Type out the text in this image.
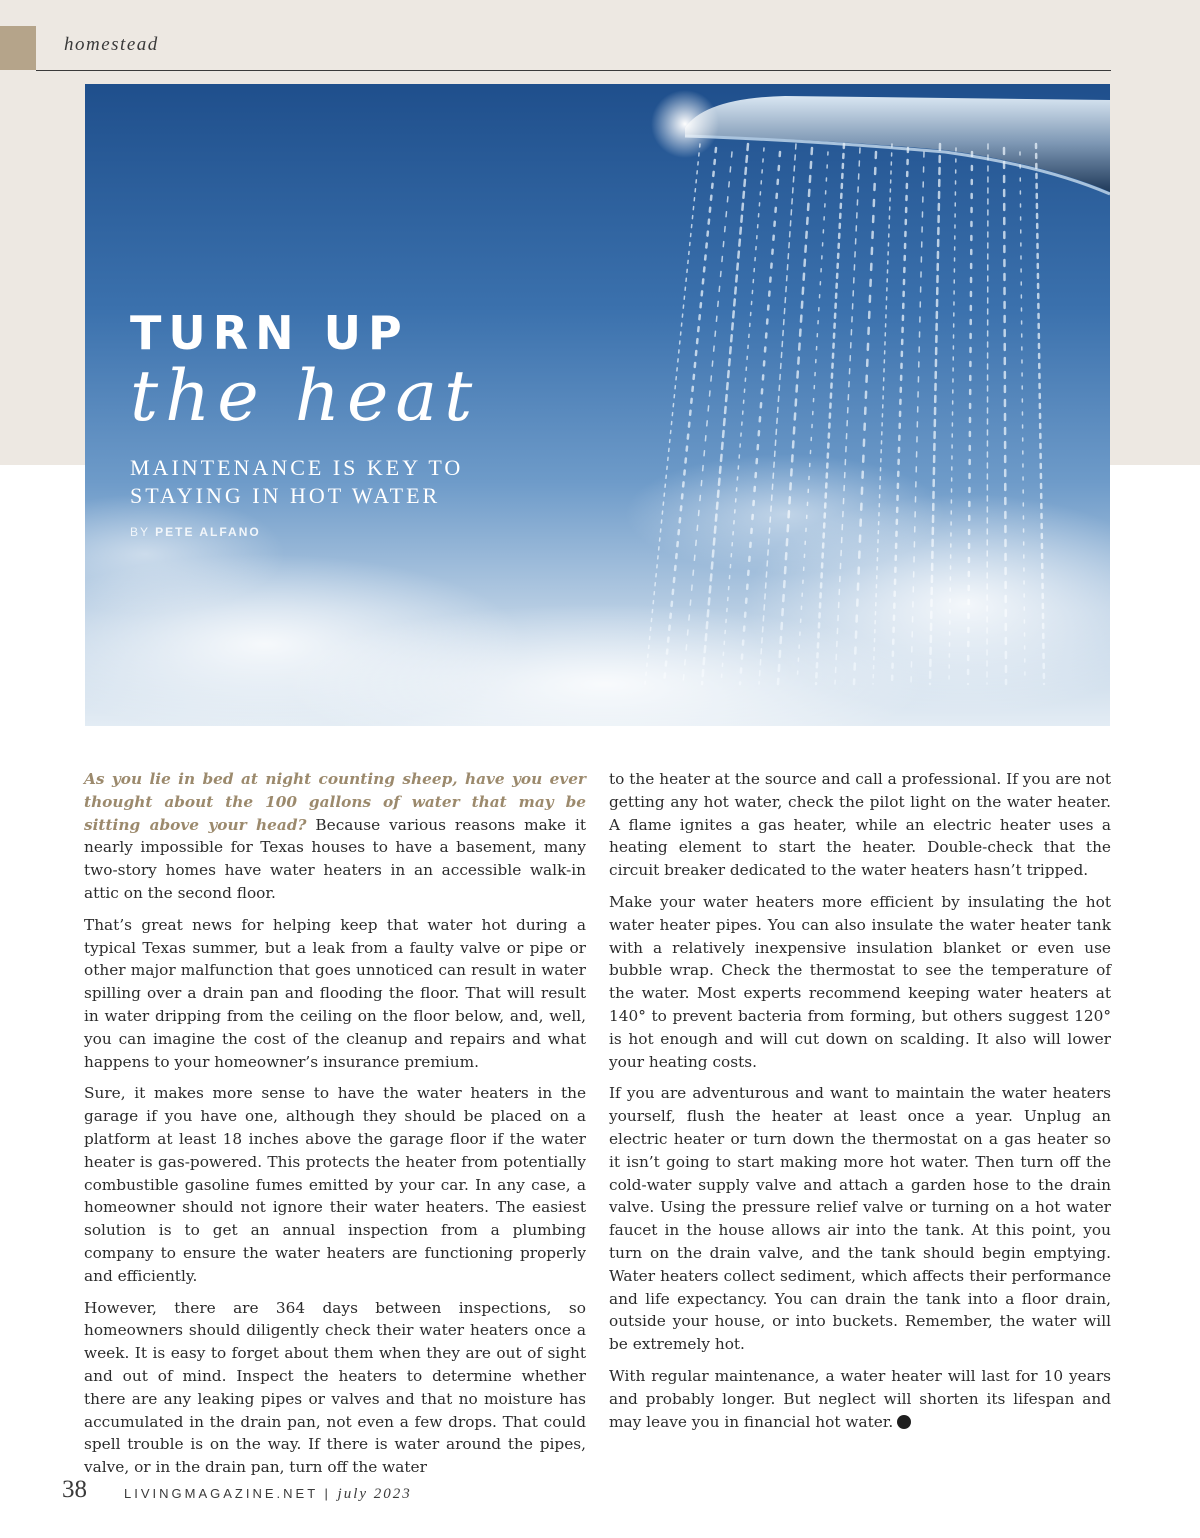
homestead
TURN UP
the heat
MAINTENANCE IS KEY TO STAYING IN HOT WATER
BY PETE ALFANO

As you lie in bed at night counting sheep, have you ever thought about the 100 gallons of water that may be sitting above your head? Because various reasons make it nearly impossible for Texas houses to have a basement, many two-story homes have water heaters in an accessible walk-in attic on the second floor.

That’s great news for helping keep that water hot during a typical Texas summer, but a leak from a faulty valve or pipe or other major malfunction that goes unnoticed can result in water spilling over a drain pan and flooding the floor. That will result in water dripping from the ceiling on the floor below, and, well, you can imagine the cost of the cleanup and repairs and what happens to your homeowner’s insurance premium.

Sure, it makes more sense to have the water heaters in the garage if you have one, although they should be placed on a platform at least 18 inches above the garage floor if the water heater is gas-powered. This protects the heater from potentially combustible gasoline fumes emitted by your car. In any case, a homeowner should not ignore their water heaters. The easiest solution is to get an annual inspection from a plumbing company to ensure the water heaters are functioning properly and efficiently.

However, there are 364 days between inspections, so homeowners should diligently check their water heaters once a week. It is easy to forget about them when they are out of sight and out of mind. Inspect the heaters to determine whether there are any leaking pipes or valves and that no moisture has accumulated in the drain pan, not even a few drops. That could spell trouble is on the way. If there is water around the pipes, valve, or in the drain pan, turn off the water

to the heater at the source and call a professional. If you are not getting any hot water, check the pilot light on the water heater. A flame ignites a gas heater, while an electric heater uses a heating element to start the heater. Double-check that the circuit breaker dedicated to the water heaters hasn’t tripped.

Make your water heaters more efficient by insulating the hot water heater pipes. You can also insulate the water heater tank with a relatively inexpensive insulation blanket or even use bubble wrap. Check the thermostat to see the temperature of the water. Most experts recommend keeping water heaters at 140° to prevent bacteria from forming, but others suggest 120° is hot enough and will cut down on scalding. It also will lower your heating costs.

If you are adventurous and want to maintain the water heaters yourself, flush the heater at least once a year. Unplug an electric heater or turn down the thermostat on a gas heater so it isn’t going to start making more hot water. Then turn off the cold-water supply valve and attach a garden hose to the drain valve. Using the pressure relief valve or turning on a hot water faucet in the house allows air into the tank. At this point, you turn on the drain valve, and the tank should begin emptying. Water heaters collect sediment, which affects their performance and life expectancy. You can drain the tank into a floor drain, outside your house, or into buckets. Remember, the water will be extremely hot.

With regular maintenance, a water heater will last for 10 years and probably longer. But neglect will shorten its lifespan and may leave you in financial hot water.

38	LIVINGMAGAZINE.NET | july 2023
